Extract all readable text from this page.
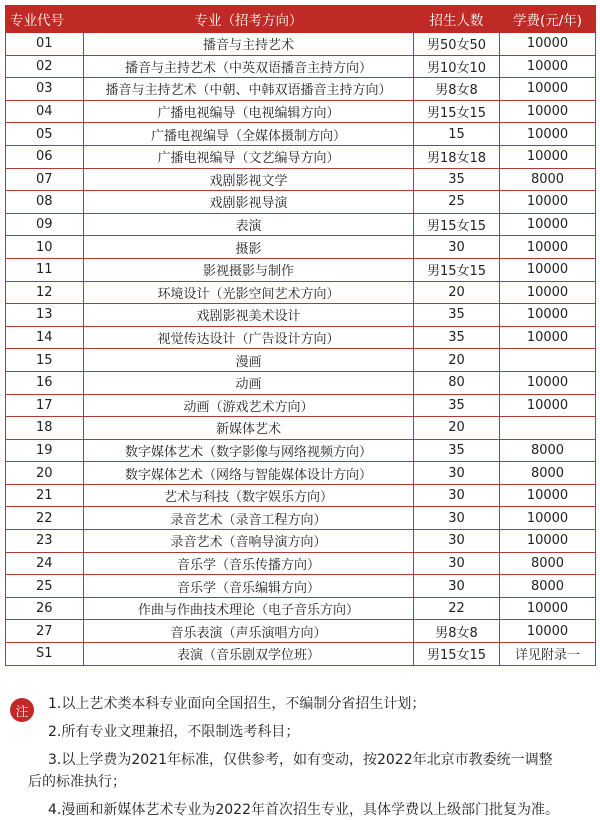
专业代号	专业（招考方向）	招生人数	学费(元/年)
01	播音与主持艺术	男50女50	10000
02	播音与主持艺术（中英双语播音主持方向）	男10女10	10000
03	播音与主持艺术（中朝、中韩双语播音主持方向）	男8女8	10000
04	广播电视编导（电视编辑方向）	男15女15	10000
05	广播电视编导（全媒体摄制方向）	15	10000
06	广播电视编导（文艺编导方向）	男18女18	10000
07	戏剧影视文学	35	8000
08	戏剧影视导演	25	10000
09	表演	男15女15	10000
10	摄影	30	10000
11	影视摄影与制作	男15女15	10000
12	环境设计（光影空间艺术方向）	20	10000
13	戏剧影视美术设计	35	10000
14	视觉传达设计（广告设计方向）	35	10000
15	漫画	20	
16	动画	80	10000
17	动画（游戏艺术方向）	35	10000
18	新媒体艺术	20	
19	数字媒体艺术（数字影像与网络视频方向）	35	8000
20	数字媒体艺术（网络与智能媒体设计方向）	30	8000
21	艺术与科技（数字娱乐方向）	30	10000
22	录音艺术（录音工程方向）	30	10000
23	录音艺术（音响导演方向）	30	10000
24	音乐学（音乐传播方向）	30	8000
25	音乐学（音乐编辑方向）	30	8000
26	作曲与作曲技术理论（电子音乐方向）	22	10000
27	音乐表演（声乐演唱方向）	男8女8	10000
S1	表演（音乐剧双学位班）	男15女15	详见附录一
注	1.以上艺术类本科专业面向全国招生，不编制分省招生计划；
2.所有专业文理兼招，不限制选考科目；
3.以上学费为2021年标准，仅供参考，如有变动，按2022年北京市教委统一调整
后的标准执行；
4.漫画和新媒体艺术专业为2022年首次招生专业，具体学费以上级部门批复为准。
